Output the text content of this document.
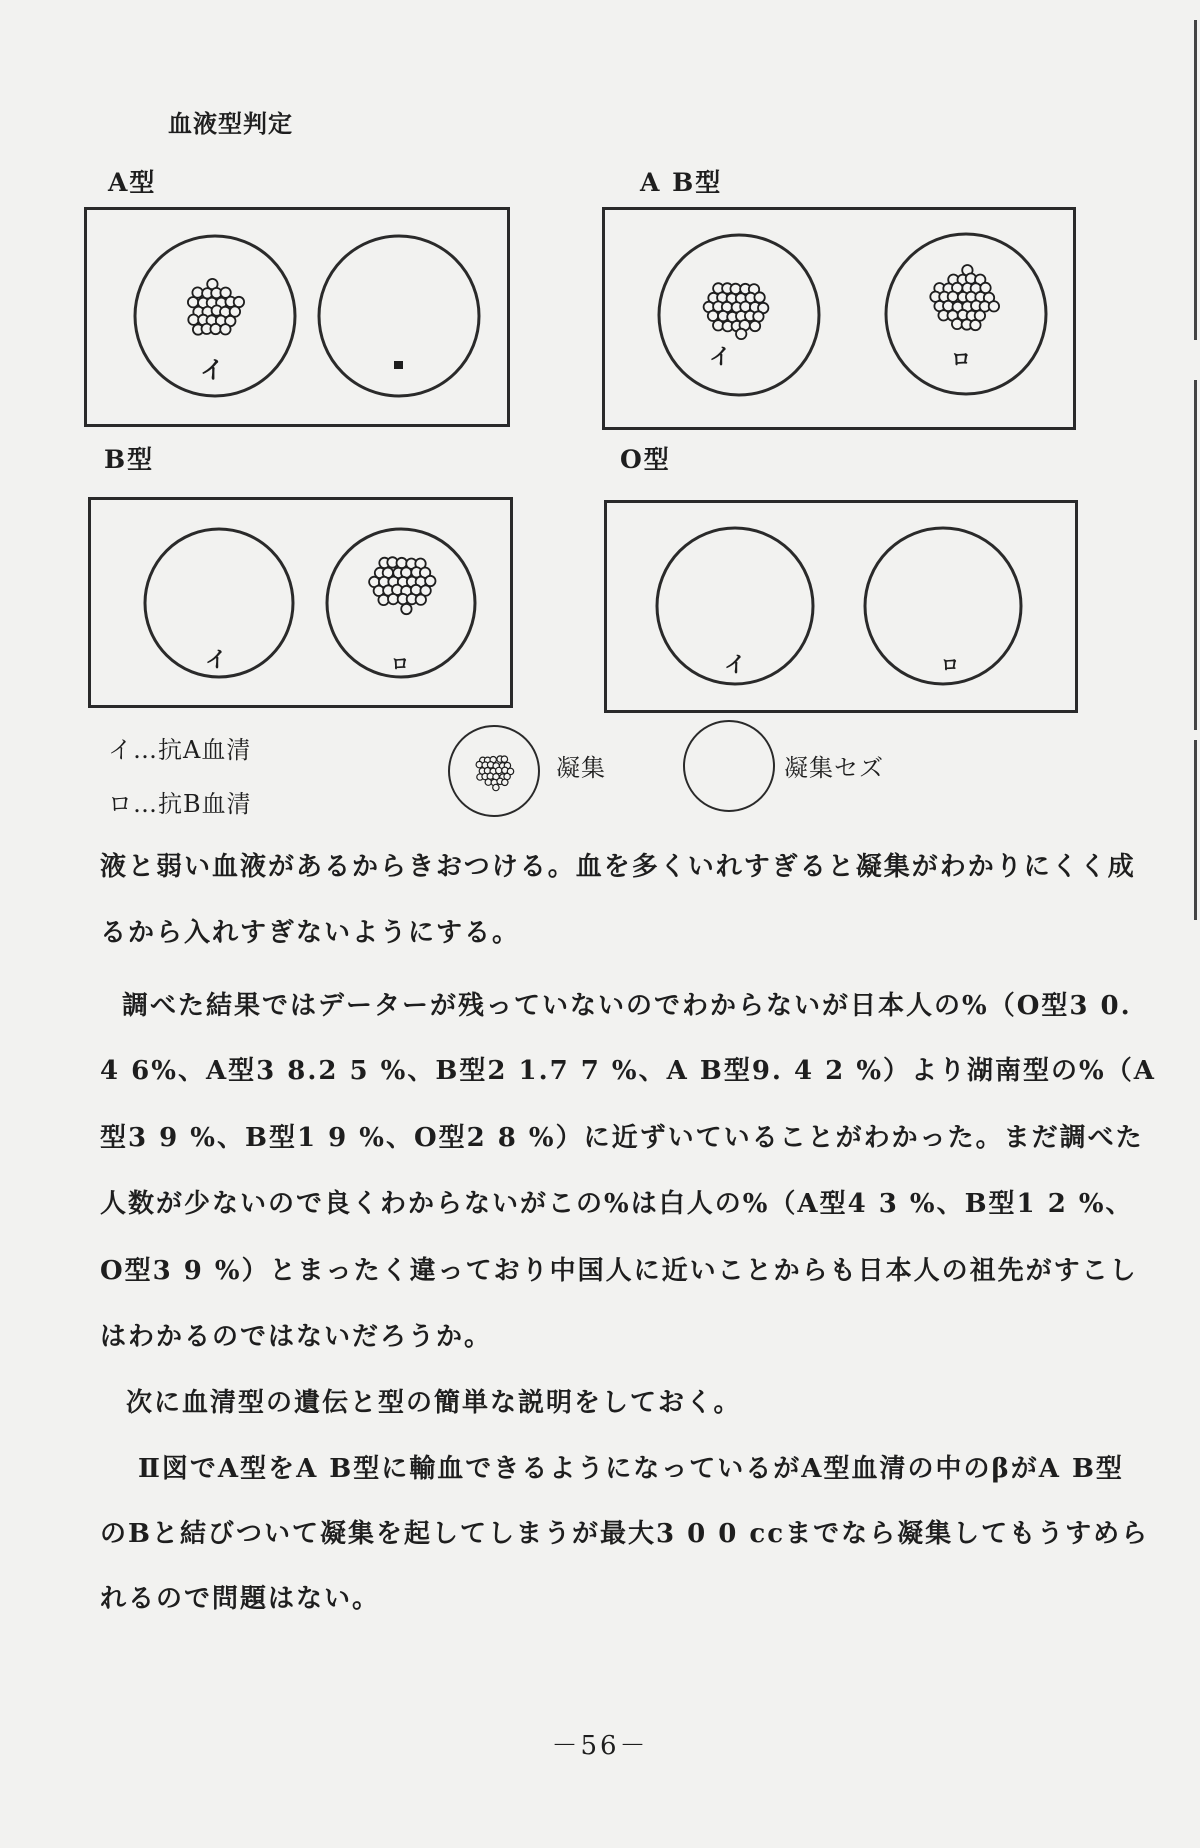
血液型判定
A型
イ
A B型
イ	ロ
B型
イ	ロ
O型
イ	ロ
イ…抗A血清
ロ…抗B血清
凝集	凝集セズ
液と弱い血液があるからきおつける。血を多くいれすぎると凝集がわかりにくく成
るから入れすぎないようにする。
調べた結果ではデーターが残っていないのでわからないが日本人の%（O型3 0.
4 6%、A型3 8.2 5 %、B型2 1.7 7 %、A B型9. 4 2 %）より湖南型の%（A
型3 9 %、B型1 9 %、O型2 8 %）に近ずいていることがわかった。まだ調べた
人数が少ないので良くわからないがこの%は白人の%（A型4 3 %、B型1 2 %、
O型3 9 %）とまったく違っており中国人に近いことからも日本人の祖先がすこし
はわかるのではないだろうか。
次に血清型の遺伝と型の簡単な説明をしておく。
Ⅱ図でA型をA B型に輸血できるようになっているがA型血清の中のβがA B型
のBと結びついて凝集を起してしまうが最大3 0 0 ccまでなら凝集してもうすめら
れるので問題はない。
－56－
